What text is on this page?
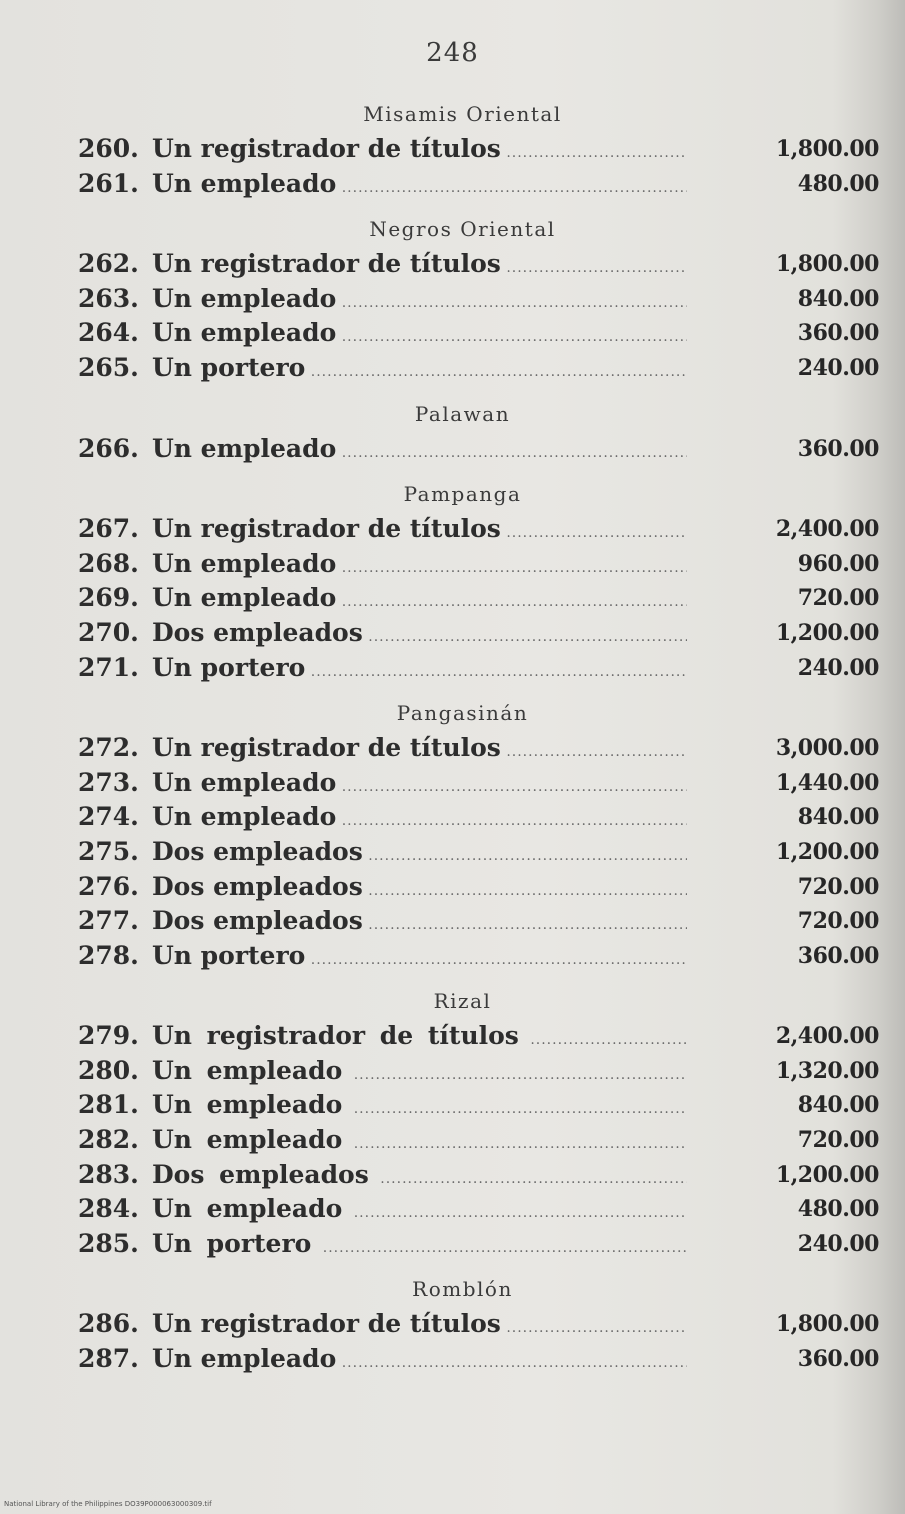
248
Misamis Oriental
260. Un registrador de títulos .....	1,800.00
261. Un empleado .....	480.00
Negros Oriental
262. Un registrador de títulos .....	1,800.00
263. Un empleado .....	840.00
264. Un empleado .....	360.00
265. Un portero .....	240.00
Palawan
266. Un empleado .....	360.00
Pampanga
267. Un registrador de títulos .....	2,400.00
268. Un empleado .....	960.00
269. Un empleado .....	720.00
270. Dos empleados .....	1,200.00
271. Un portero .....	240.00
Pangasinán
272. Un registrador de títulos .....	3,000.00
273. Un empleado .....	1,440.00
274. Un empleado .....	840.00
275. Dos empleados .....	1,200.00
276. Dos empleados .....	720.00
277. Dos empleados .....	720.00
278. Un portero .....	360.00
Rizal
279. Un registrador de títulos .....	2,400.00
280. Un empleado .....	1,320.00
281. Un empleado .....	840.00
282. Un empleado .....	720.00
283. Dos empleados .....	1,200.00
284. Un empleado .....	480.00
285. Un portero .....	240.00
Romblón
286. Un registrador de títulos .....	1,800.00
287. Un empleado .....	360.00
National Library of the Philippines DO39P000063000309.tif
